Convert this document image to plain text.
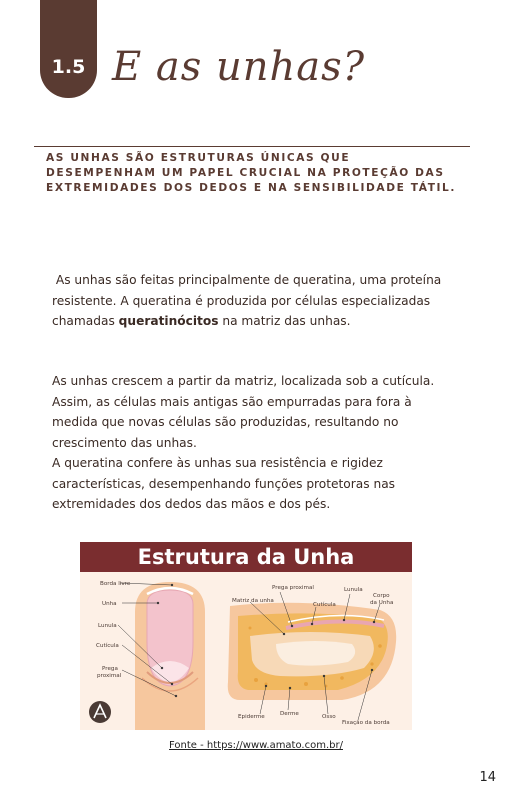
1.5 E as unhas?
AS UNHAS SÃO ESTRUTURAS ÚNICAS QUE DESEMPENHAM UM PAPEL CRUCIAL NA PROTEÇÃO DAS EXTREMIDADES DOS DEDOS E NA SENSIBILIDADE TÁTIL.
As unhas são feitas principalmente de queratina, uma proteína resistente. A queratina é produzida por células especializadas chamadas queratinócitos na matriz das unhas.
As unhas crescem a partir da matriz, localizada sob a cutícula. Assim, as células mais antigas são empurradas para fora à medida que novas células são produzidas, resultando no crescimento das unhas.
A queratina confere às unhas sua resistência e rigidez características, desempenhando funções protetoras nas extremidades dos dedos das mãos e dos pés.
Estrutura da Unha
Borda livre
Unha
Lunula
Cutícula
Prega
proximal
Prega proximal	Lunula
Matriz da unha
Cutícula
Corpo
da Unha
Fixação da borda
Epiderme	Derme	Osso
Fonte - https://www.amato.com.br/
14
